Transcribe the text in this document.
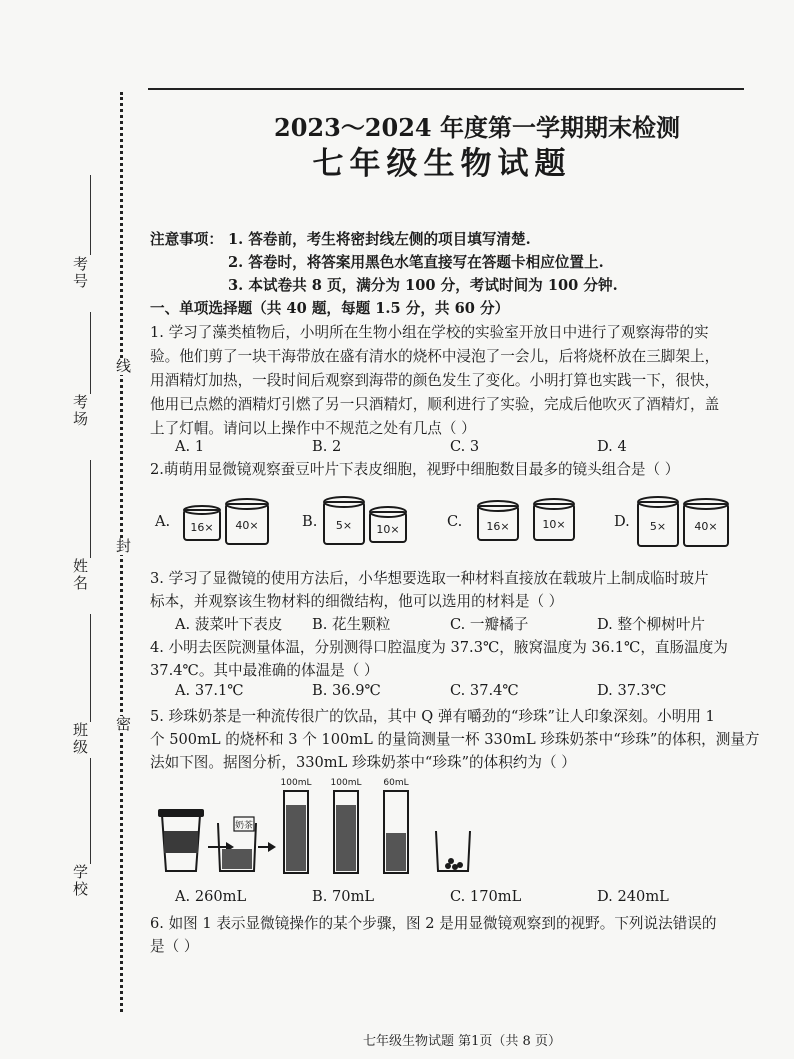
考号
考场
姓名
班级
学校
线
封
密
2023～2024 年度第一学期期末检测
七年级生物试题
注意事项： 1. 答卷前，考生将密封线左侧的项目填写清楚.
2. 答卷时，将答案用黑色水笔直接写在答题卡相应位置上.
3. 本试卷共 8 页，满分为 100 分，考试时间为 100 分钟.
一、单项选择题（共 40 题，每题 1.5 分，共 60 分）
1. 学习了藻类植物后，小明所在生物小组在学校的实验室开放日中进行了观察海带的实
验。他们剪了一块干海带放在盛有清水的烧杯中浸泡了一会儿，后将烧杯放在三脚架上，
用酒精灯加热，一段时间后观察到海带的颜色发生了变化。小明打算也实践一下，很快，
他用已点燃的酒精灯引燃了另一只酒精灯，顺利进行了实验，完成后他吹灭了酒精灯，盖
上了灯帽。请问以上操作中不规范之处有几点（ ）
A. 1	B. 2	C. 3	D. 4
2.萌萌用显微镜观察蚕豆叶片下表皮细胞，视野中细胞数目最多的镜头组合是（ ）
A.	B.	C.	D.
16× 40×	5× 10×	16×	10×	5×	40×
3. 学习了显微镜的使用方法后，小华想要选取一种材料直接放在载玻片上制成临时玻片
标本，并观察该生物材料的细微结构，他可以选用的材料是（ ）
A. 菠菜叶下表皮 B. 花生颗粒	C. 一瓣橘子	D. 整个柳树叶片
4. 小明去医院测量体温，分别测得口腔温度为 37.3℃，腋窝温度为 36.1℃，直肠温度为
37.4℃。其中最准确的体温是（ ）
A. 37.1℃	B. 36.9℃	C. 37.4℃	D. 37.3℃
5. 珍珠奶茶是一种流传很广的饮品，其中 Q 弹有嚼劲的“珍珠”让人印象深刻。小明用 1
个 500mL 的烧杯和 3 个 100mL 的量筒测量一杯 330mL 珍珠奶茶中“珍珠”的体积，测量方
法如下图。据图分析，330mL 珍珠奶茶中“珍珠”的体积约为（ ）
奶茶
100mL 100mL 60mL
A. 260mL	B. 70mL	C. 170mL	D. 240mL
6. 如图 1 表示显微镜操作的某个步骤，图 2 是用显微镜观察到的视野。下列说法错误的
是（ ）
七年级生物试题 第1页（共 8 页）
